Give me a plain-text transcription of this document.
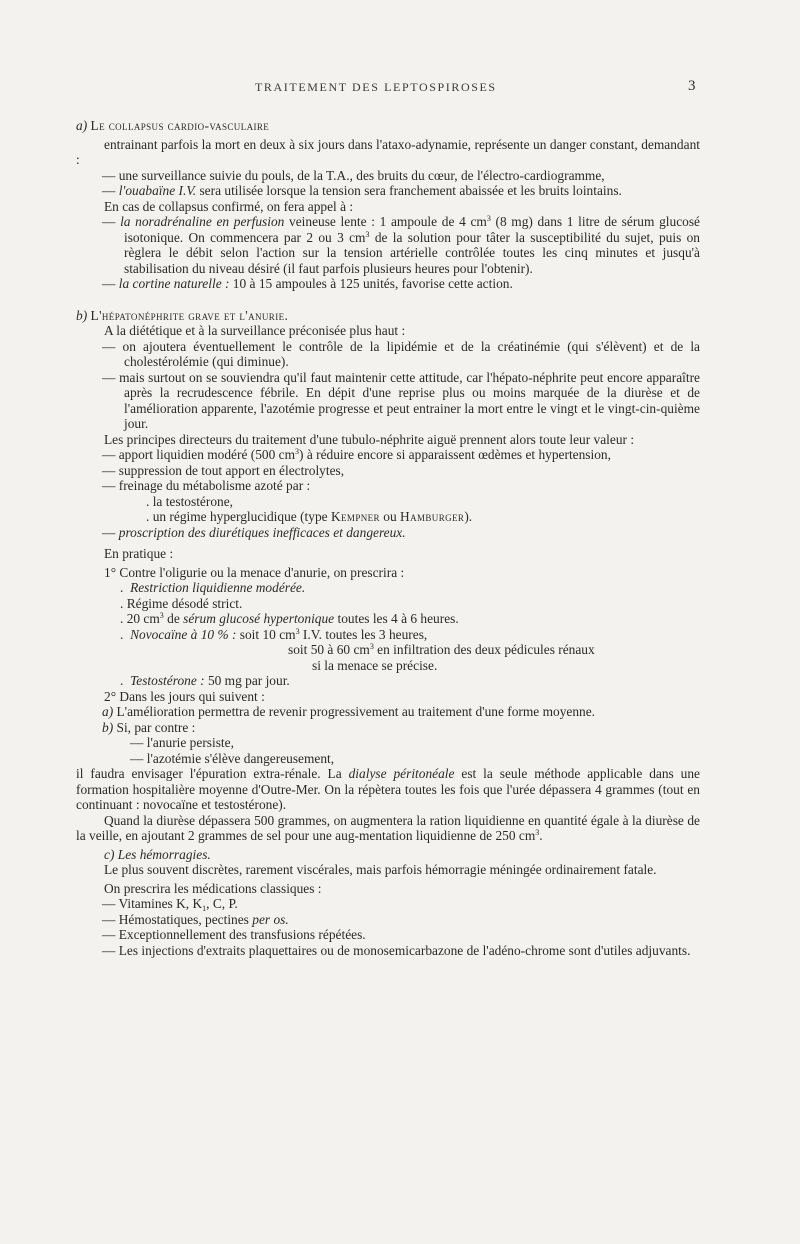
TRAITEMENT DES LEPTOSPIROSES	3

a) Le collapsus cardio-vasculaire

entrainant parfois la mort en deux à six jours dans l'ataxo-adynamie, représente un danger constant, demandant :

— une surveillance suivie du pouls, de la T.A., des bruits du cœur, de l'électro-cardiogramme,

— l'ouabaïne I.V. sera utilisée lorsque la tension sera franchement abaissée et les bruits lointains.

En cas de collapsus confirmé, on fera appel à :

— la noradrénaline en perfusion veineuse lente : 1 ampoule de 4 $cm^3$ (8 mg) dans 1 litre de sérum glucosé isotonique. On commencera par 2 ou 3 $cm^3$ de la solution pour tâter la susceptibilité du sujet, puis on règlera le débit selon l'action sur la tension artérielle contrôlée toutes les cinq minutes et jusqu'à stabilisation du niveau désiré (il faut parfois plusieurs heures pour l'obtenir).

— la cortine naturelle : 10 à 15 ampoules à 125 unités, favorise cette action.

b) L'hépatonéphrite grave et l'anurie.

A la diététique et à la surveillance préconisée plus haut :

— on ajoutera éventuellement le contrôle de la lipidémie et de la créatinémie (qui s'élèvent) et de la cholestérolémie (qui diminue).

— mais surtout on se souviendra qu'il faut maintenir cette attitude, car l'hépato-néphrite peut encore apparaître après la recrudescence fébrile. En dépit d'une reprise plus ou moins marquée de la diurèse et de l'amélioration apparente, l'azotémie progresse et peut entrainer la mort entre le vingt et le vingt-cin-quième jour.

Les principes directeurs du traitement d'une tubulo-néphrite aiguë prennent alors toute leur valeur :

— apport liquidien modéré (500 $cm^3$) à réduire encore si apparaissent œdèmes et hypertension,

— suppression de tout apport en électrolytes,

— freinage du métabolisme azoté par :

. la testostérone,

. un régime hyperglucidique (type Kempner ou Hamburger).

— proscription des diurétiques inefficaces et dangereux.

En pratique :

1° Contre l'oligurie ou la menace d'anurie, on prescrira :

. Restriction liquidienne modérée.

. Régime désodé strict.

. 20 $cm^3$ de sérum glucosé hypertonique toutes les 4 à 6 heures.

. Novocaïne à 10 % : soit 10 $cm^3$ I.V. toutes les 3 heures,

soit 50 à 60 $cm^3$ en infiltration des deux pédicules rénaux

si la menace se précise.

. Testostérone : 50 mg par jour.

2° Dans les jours qui suivent :

a) L'amélioration permettra de revenir progressivement au traitement d'une forme moyenne.

b) Si, par contre :

— l'anurie persiste,

— l'azotémie s'élève dangereusement,

il faudra envisager l'épuration extra-rénale. La dialyse péritonéale est la seule méthode applicable dans une formation hospitalière moyenne d'Outre-Mer. On la répètera toutes les fois que l'urée dépassera 4 grammes (tout en continuant : novocaïne et testostérone).

Quand la diurèse dépassera 500 grammes, on augmentera la ration liquidienne en quantité égale à la diurèse de la veille, en ajoutant 2 grammes de sel pour une aug-mentation liquidienne de 250 $cm^3$.

c) Les hémorragies.

Le plus souvent discrètes, rarement viscérales, mais parfois hémorragie méningée ordinairement fatale.

On prescrira les médications classiques :

— Vitamines K, $K_1$, C, P.

— Hémostatiques, pectines per os.

— Exceptionnellement des transfusions répétées.

— Les injections d'extraits plaquettaires ou de monosemicarbazone de l'adéno-chrome sont d'utiles adjuvants.
